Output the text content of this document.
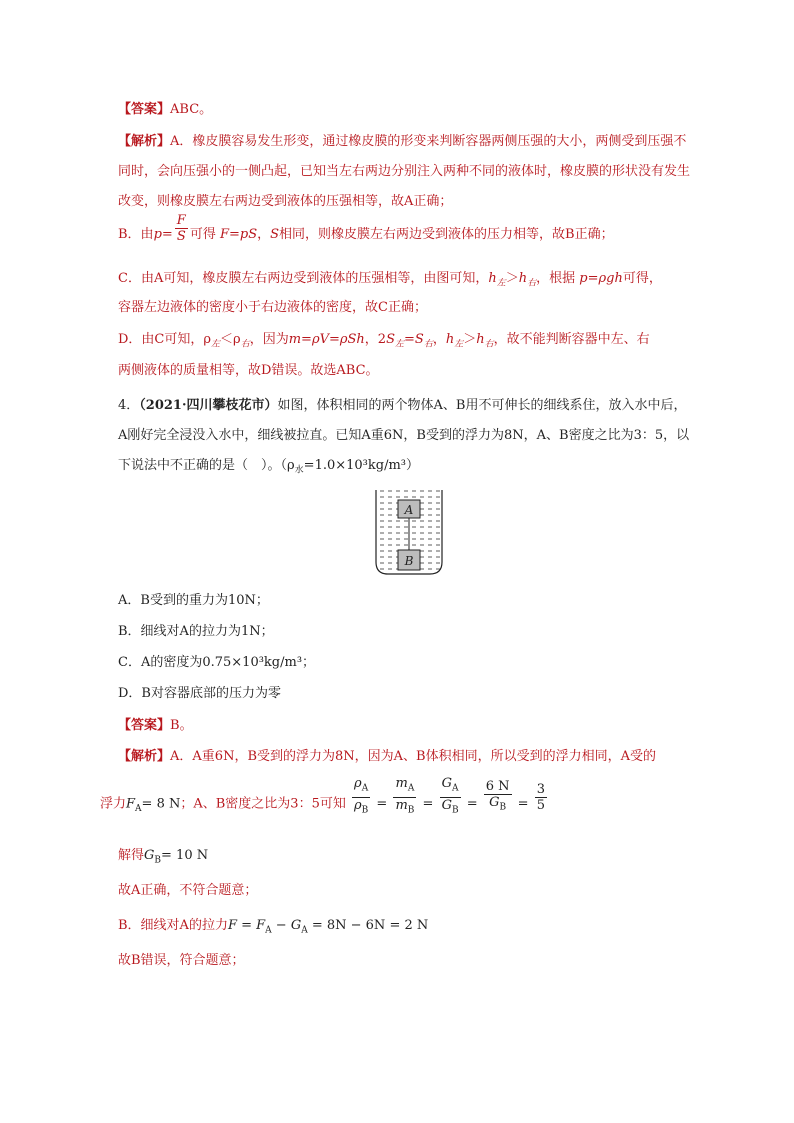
【答案】ABC。
【解析】A．橡皮膜容易发生形变，通过橡皮膜的形变来判断容器两侧压强的大小，两侧受到压强不同时，会向压强小的一侧凸起，已知当左右两边分别注入两种不同的液体时，橡皮膜的形状没有发生改变，则橡皮膜左右两边受到液体的压强相等，故A正确；
B．由$p= \frac{F}{S}$ 可得 F=pS，S相同，则橡皮膜左右两边受到液体的压力相等，故B正确；
C．由A可知，橡皮膜左右两边受到液体的压强相等，由图可知，$h_左>h_右$，根据 p=ρgh可得，
容器左边液体的密度小于右边液体的密度，故C正确；
D．由C可知，$\rho_左<\rho_右$，因为m=ρV=ρSh，$2S_左=S_右$，$h_左>h_右$，故不能判断容器中左、右
两侧液体的质量相等，故D错误。故选ABC。
4．（2021·四川攀枝花市）如图，体积相同的两个物体A、B用不可伸长的细线系住，放入水中后，A刚好完全浸没入水中，细线被拉直。已知A重6N，B受到的浮力为8N，A、B密度之比为3：5，以下说法中不正确的是（　）。$(\rho_水=1.0\times 10^3kg/m^3)$
A
B
A．B受到的重力为10N；
B．细线对A的拉力为1N；
C．A的密度为0.75×10³kg/m³；
D．B对容器底部的压力为零
【答案】B。
【解析】A．A重6N，B受到的浮力为8N，因为A、B体积相同，所以受到的浮力相同，A受的
浮力$F_A= 8$ N；A、B密度之比为3：5可知 $\frac{\rho_A}{\rho_B} = \frac{m_A}{m_B} = \frac{G_A}{G_B} = \frac{6 N}{G_B} = \frac{3}{5}$
解得$G_B= 10$ N
故A正确，不符合题意；
B．细线对A的拉力$F = F_A - G_A = 8N - 6N = 2$ N
故B错误，符合题意；
